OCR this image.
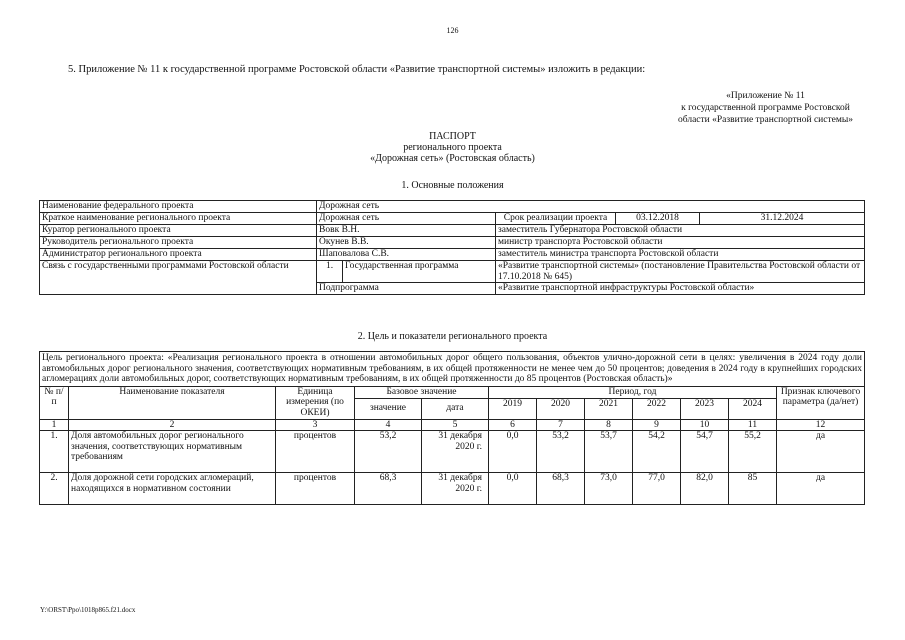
126
5. Приложение № 11 к государственной программе Ростовской области «Развитие транспортной системы» изложить в редакции:
«Приложение № 11
к государственной программе Ростовской
области «Развитие транспортной системы»
ПАСПОРТ
регионального проекта
«Дорожная сеть» (Ростовская область)
1. Основные положения
Наименование федерального проекта	Дорожная сеть				
Краткое наименование регионального проекта	Дорожная сеть		Срок реализации проекта	03.12.2018	31.12.2024
Куратор регионального проекта	Вовк В.Н.		заместитель Губернатора Ростовской области		
Руководитель регионального проекта	Окунев В.В.		министр транспорта Ростовской области		
Администратор регионального проекта	Шаповалова С.В.		заместитель министра транспорта Ростовской области		
Связь с государственными программами Ростовской области	1.	Государственная программа	«Развитие транспортной системы» (постановление Правительства Ростовской области от 17.10.2018 № 645)		
	Подпрограмма		«Развитие транспортной инфраструктуры Ростовской области»		
2. Цель и показатели регионального проекта
Цель регионального проекта: «Реализация регионального проекта в отношении автомобильных дорог общего пользования, объектов улично-дорожной сети в целях: увеличения в 2024 году доли автомобильных дорог регионального значения, соответствующих нормативным требованиям, в их общей протяженности не менее чем до 50 процентов; доведения в 2024 году в крупнейших городских агломерациях доли автомобильных дорог, соответствующих нормативным требованиям, в их общей протяженности до 85 процентов (Ростовская область)»											
№ п/п	Наименование показателя	Единица измерения (по ОКЕИ)	Базовое значение		Период, год						Признак ключевого параметра (да/нет)
					2019	2020	2021	2022	2023	2024	
			значение	дата							
1	2	3	4	5	6	7	8	9	10	11	12
1.	Доля автомобильных дорог регионального значения, соответствующих нормативным требованиям	процентов	53,2	31 декабря 2020 г.	0,0	53,2	53,7	54,2	54,7	55,2	да
2.	Доля дорожной сети городских агломераций, находящихся в нормативном состоянии	процентов	68,3	31 декабря 2020 г.	0,0	68,3	73,0	77,0	82,0	85	да
Y:\ORST\Ppo\1018p865.f21.docx
